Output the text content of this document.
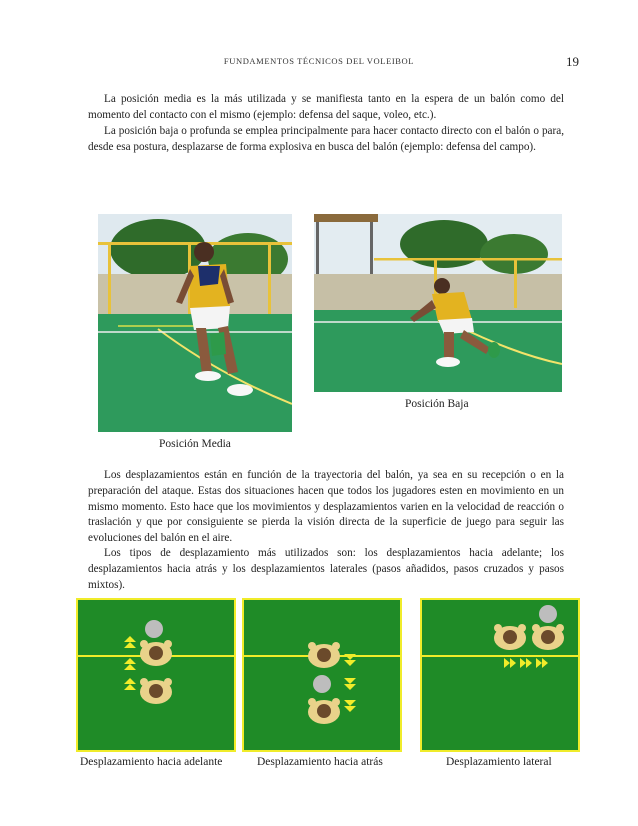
FUNDAMENTOS TÉCNICOS DEL VOLEIBOL	19

La posición media es la más utilizada y se manifiesta tanto en la espera de un balón como del momento del contacto con el mismo (ejemplo: defensa del saque, voleo, etc.).

La posición baja o profunda se emplea principalmente para hacer contacto directo con el balón o para, desde esa postura, desplazarse de forma explosiva en busca del balón (ejemplo: defensa del campo).

Posición Media
Posición Baja

Los desplazamientos están en función de la trayectoria del balón, ya sea en su recepción o en la preparación del ataque. Estas dos situaciones hacen que todos los jugadores esten en movimiento en un mismo momento. Esto hace que los movimientos y desplazamientos varien en la velocidad de reacción o traslación y que por consiguiente se pierda la visión directa de la superficie de juego para seguir las evoluciones del balón en el aire.

Los tipos de desplazamiento más utilizados son: los desplazamientos hacia adelante; los desplazamientos hacia atrás y los desplazamientos laterales (pasos añadidos, pasos cruzados y pasos mixtos).

Desplazamiento hacia adelante	Desplazamiento hacia atrás	Desplazamiento lateral
